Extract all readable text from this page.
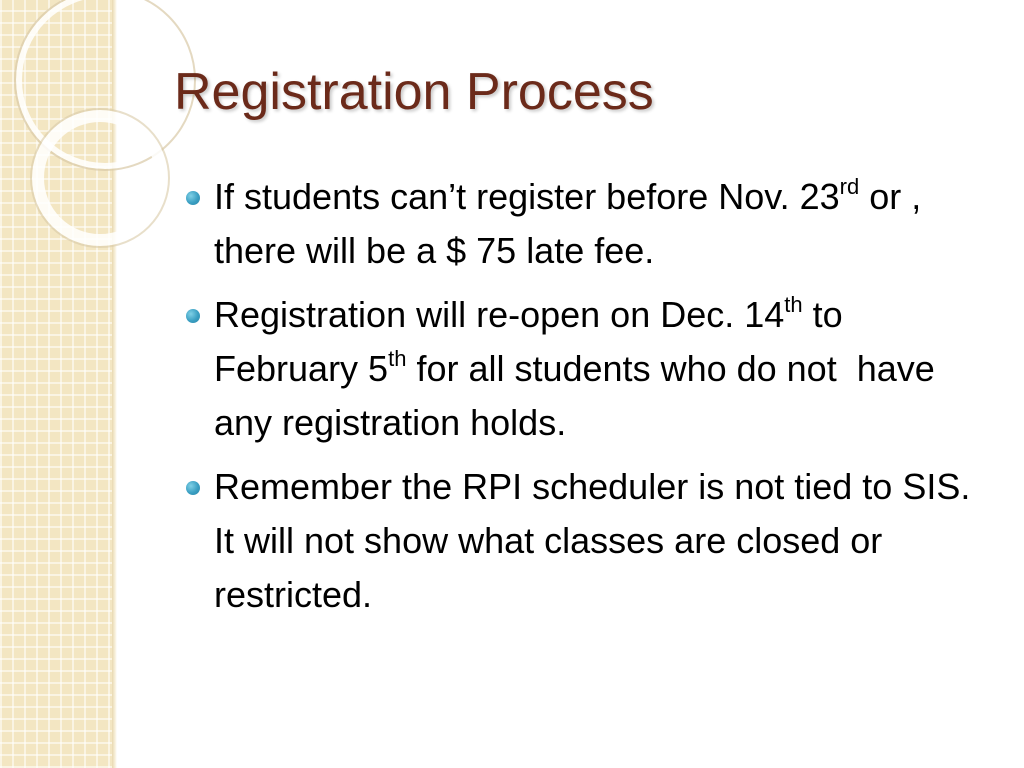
Registration Process
If students can’t register before Nov. 23rd or , there will be a $ 75 late fee.
Registration will re-open on Dec. 14th to February 5th for all students who do not  have any registration holds.
Remember the RPI scheduler is not tied to SIS. It will not show what classes are closed or restricted.
